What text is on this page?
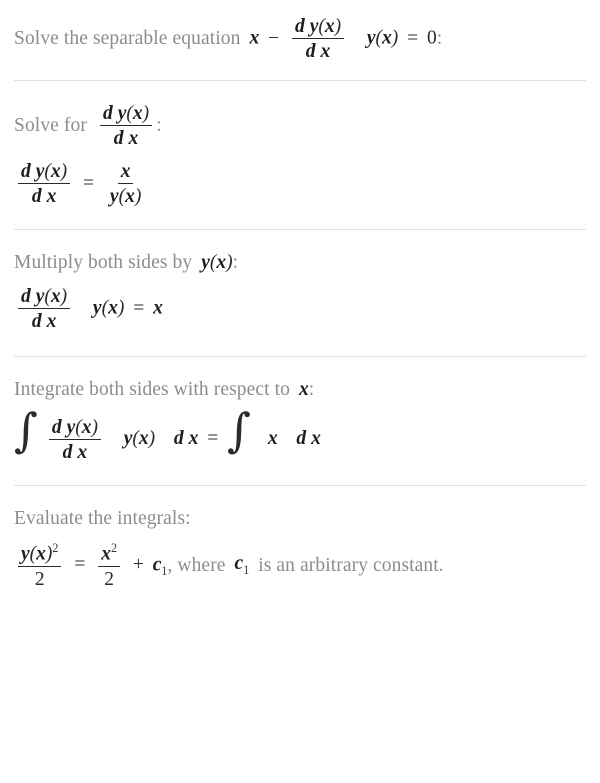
Solve the separable equation $x - \frac{\text{d y(x)}}{\text{d x}} y(x) = 0$ :
Solve for $\frac{\text{d y(x)}}{\text{d x}}$ :
$\frac{\text{d y(x)}}{\text{d x}} = \frac{x}{y(x)}$
Multiply both sides by y(x) :
$\frac{\text{d y(x)}}{\text{d x}} y(x) = x$
Integrate both sides with respect to x :
∫ $\frac{\text{d y(x)}}{\text{d x}} y(x)$ d x = ∫ x d x
Evaluate the integrals:
$\frac{y(x)^2}{2} = \frac{x^2}{2} + c_1$ , where $c_1$ is an arbitrary constant.
